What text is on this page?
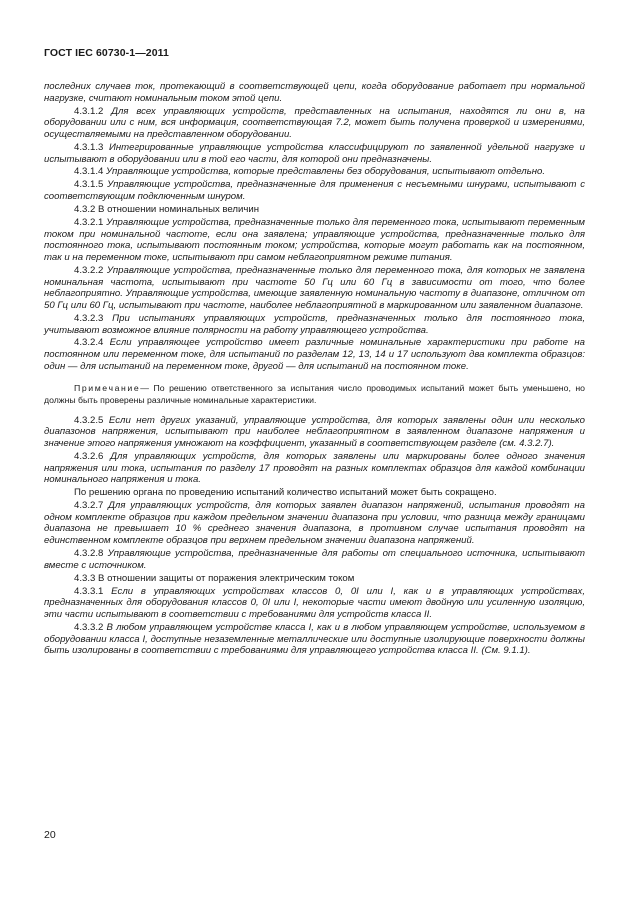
ГОСТ IEC 60730-1—2011
последних случаев ток, протекающий в соответствующей цепи, когда оборудование работает при нормальной нагрузке, считают номинальным током этой цепи.
4.3.1.2 Для всех управляющих устройств, представленных на испытания, находятся ли они в, на оборудовании или с ним, вся информация, соответствующая 7.2, может быть получена проверкой и измерениями, осуществляемыми на представленном оборудовании.
4.3.1.3 Интегрированные управляющие устройства классифицируют по заявленной удельной нагрузке и испытывают в оборудовании или в той его части, для которой они предназначены.
4.3.1.4 Управляющие устройства, которые представлены без оборудования, испытывают отдельно.
4.3.1.5 Управляющие устройства, предназначенные для применения с несъемными шнурами, испытывают с соответствующим подключенным шнуром.
4.3.2 В отношении номинальных величин
4.3.2.1 Управляющие устройства, предназначенные только для переменного тока, испытывают переменным током при номинальной частоте, если она заявлена; управляющие устройства, предназначенные только для постоянного тока, испытывают постоянным током; устройства, которые могут работать как на постоянном, так и на переменном токе, испытывают при самом неблагоприятном режиме питания.
4.3.2.2 Управляющие устройства, предназначенные только для переменного тока, для которых не заявлена номинальная частота, испытывают при частоте 50 Гц или 60 Гц в зависимости от того, что более неблагоприятно. Управляющие устройства, имеющие заявленную номинальную частоту в диапазоне, отличном от 50 Гц или 60 Гц, испытывают при частоте, наиболее неблагоприятной в маркированном или заявленном диапазоне.
4.3.2.3 При испытаниях управляющих устройств, предназначенных только для постоянного тока, учитывают возможное влияние полярности на работу управляющего устройства.
4.3.2.4 Если управляющее устройство имеет различные номинальные характеристики при работе на постоянном или переменном токе, для испытаний по разделам 12, 13, 14 и 17 используют два комплекта образцов: один — для испытаний на переменном токе, другой — для испытаний на постоянном токе.
Примечание— По решению ответственного за испытания число проводимых испытаний может быть уменьшено, но должны быть проверены различные номинальные характеристики.
4.3.2.5 Если нет других указаний, управляющие устройства, для которых заявлены один или несколько диапазонов напряжения, испытывают при наиболее неблагоприятном в заявленном диапазоне напряжения и значение этого напряжения умножают на коэффициент, указанный в соответствующем разделе (см. 4.3.2.7).
4.3.2.6 Для управляющих устройств, для которых заявлены или маркированы более одного значения напряжения или тока, испытания по разделу 17 проводят на разных комплектах образцов для каждой комбинации номинального напряжения и тока.
По решению органа по проведению испытаний количество испытаний может быть сокращено.
4.3.2.7 Для управляющих устройств, для которых заявлен диапазон напряжений, испытания проводят на одном комплекте образцов при каждом предельном значении диапазона при условии, что разница между границами диапазона не превышает 10 % среднего значения диапазона, в противном случае испытания проводят на единственном комплекте образцов при верхнем предельном значении диапазона напряжений.
4.3.2.8 Управляющие устройства, предназначенные для работы от специального источника, испытывают вместе с источником.
4.3.3 В отношении защиты от поражения электрическим током
4.3.3.1 Если в управляющих устройствах классов 0, 0I или I, как и в управляющих устройствах, предназначенных для оборудования классов 0, 0I или I, некоторые части имеют двойную или усиленную изоляцию, эти части испытывают в соответствии с требованиями для устройств класса II.
4.3.3.2 В любом управляющем устройстве класса I, как и в любом управляющем устройстве, используемом в оборудовании класса I, доступные незаземленные металлические или доступные изолирующие поверхности должны быть изолированы в соответствии с требованиями для управляющего устройства класса II. (См. 9.1.1).
20
